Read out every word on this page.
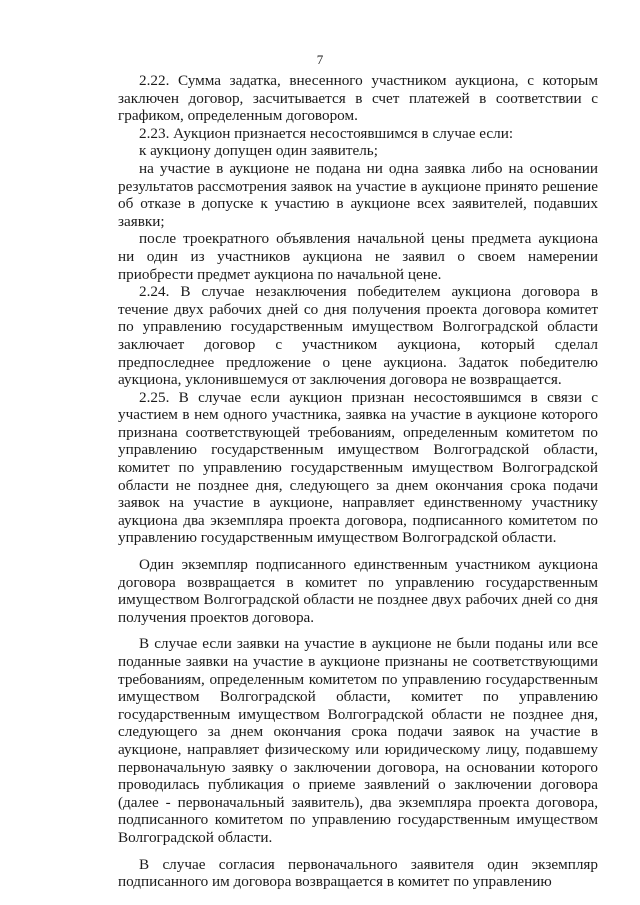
7

2.22. Сумма задатка, внесенного участником аукциона, с которым заключен договор, засчитывается в счет платежей в соответствии с графиком, определенным договором.

2.23. Аукцион признается несостоявшимся в случае если:

к аукциону допущен один заявитель;

на участие в аукционе не подана ни одна заявка либо на основании результатов рассмотрения заявок на участие в аукционе принято решение об отказе в допуске к участию в аукционе всех заявителей, подавших заявки;

после троекратного объявления начальной цены предмета аукциона ни один из участников аукциона не заявил о своем намерении приобрести предмет аукциона по начальной цене.

2.24. В случае незаключения победителем аукциона договора в течение двух рабочих дней со дня получения проекта договора комитет по управлению государственным имуществом Волгоградской области заключает договор с участником аукциона, который сделал предпоследнее предложение о цене аукциона. Задаток победителю аукциона, уклонившемуся от заключения договора не возвращается.

2.25. В случае если аукцион признан несостоявшимся в связи с участием в нем одного участника, заявка на участие в аукционе которого признана соответствующей требованиям, определенным комитетом по управлению государственным имуществом Волгоградской области, комитет по управлению государственным имуществом Волгоградской области не позднее дня, следующего за днем окончания срока подачи заявок на участие в аукционе, направляет единственному участнику аукциона два экземпляра проекта договора, подписанного комитетом по управлению государственным имуществом Волгоградской области.

Один экземпляр подписанного единственным участником аукциона договора возвращается в комитет по управлению государственным имуществом Волгоградской области не позднее двух рабочих дней со дня получения проектов договора.

В случае если заявки на участие в аукционе не были поданы или все поданные заявки на участие в аукционе признаны не соответствующими требованиям, определенным комитетом по управлению государственным имуществом Волгоградской области, комитет по управлению государственным имуществом Волгоградской области не позднее дня, следующего за днем окончания срока подачи заявок на участие в аукционе, направляет физическому или юридическому лицу, подавшему первоначальную заявку о заключении договора, на основании которого проводилась публикация о приеме заявлений о заключении договора (далее - первоначальный заявитель), два экземпляра проекта договора, подписанного комитетом по управлению государственным имуществом Волгоградской области.

В случае согласия первоначального заявителя один экземпляр подписанного им договора возвращается в комитет по управлению
